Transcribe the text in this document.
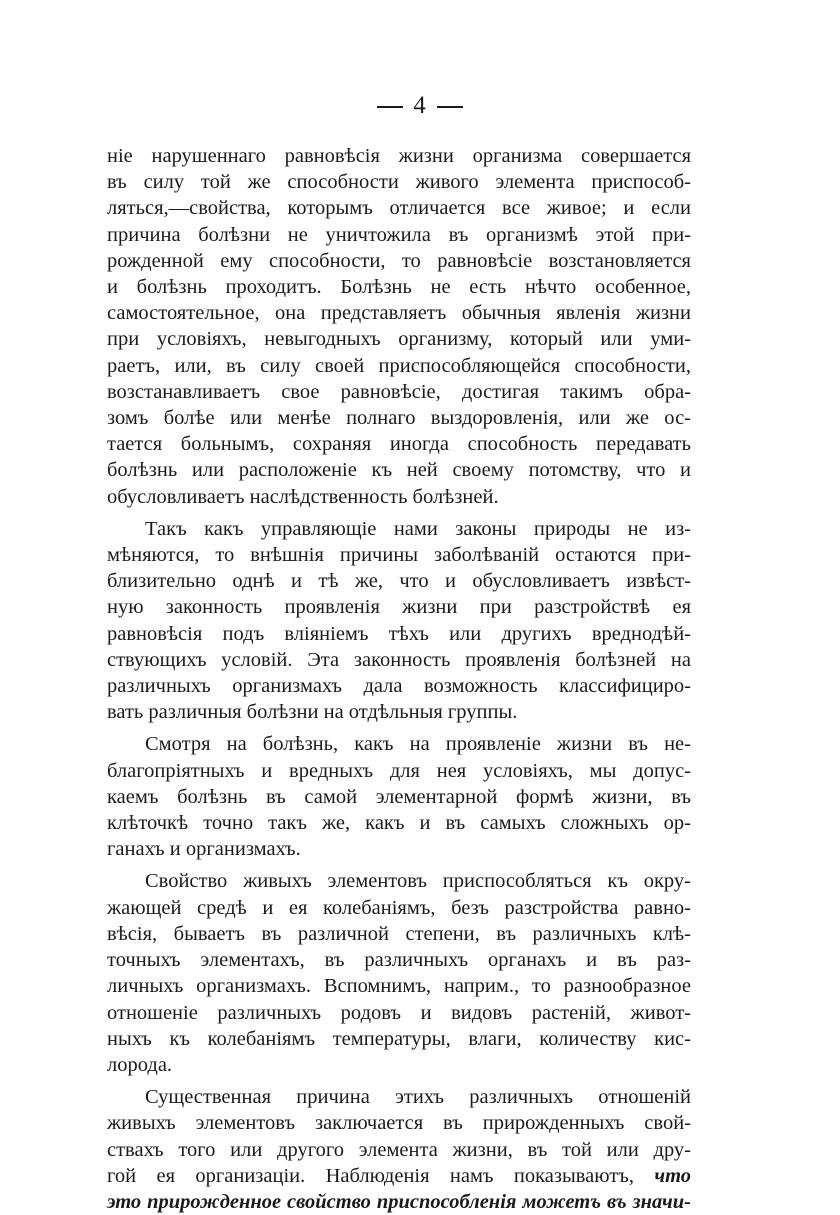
4

ніе нарушеннаго равновѣсія жизни организма совершается
въ силу той же способности живого элемента приспособ-
ляться,—свойства, которымъ отличается все живое; и если
причина болѣзни не уничтожила въ организмѣ этой при-
рожденной ему способности, то равновѣсіе возстановляется
и болѣзнь проходитъ. Болѣзнь не есть нѣчто особенное,
самостоятельное, она представляетъ обычныя явленія жизни
при условіяхъ, невыгодныхъ организму, который или уми-
раетъ, или, въ силу своей приспособляющейся способности,
возстанавливаетъ свое равновѣсіе, достигая такимъ обра-
зомъ болѣе или менѣе полнаго выздоровленія, или же ос-
тается больнымъ, сохраняя иногда способность передавать
болѣзнь или расположеніе къ ней своему потомству, что и
обусловливаетъ наслѣдственность болѣзней.

Такъ какъ управляющіе нами законы природы не из-
мѣняются, то внѣшнія причины заболѣваній остаются при-
близительно однѣ и тѣ же, что и обусловливаетъ извѣст-
ную законность проявленія жизни при разстройствѣ ея
равновѣсія подъ вліяніемъ тѣхъ или другихъ вреднодѣй-
ствующихъ условій. Эта законность проявленія болѣзней на
различныхъ организмахъ дала возможность классифициро-
вать различныя болѣзни на отдѣльныя группы.

Смотря на болѣзнь, какъ на проявленіе жизни въ не-
благопріятныхъ и вредныхъ для нея условіяхъ, мы допус-
каемъ болѣзнь въ самой элементарной формѣ жизни, въ
клѣточкѣ точно такъ же, какъ и въ самыхъ сложныхъ ор-
ганахъ и организмахъ.

Свойство живыхъ элементовъ приспособляться къ окру-
жающей средѣ и ея колебаніямъ, безъ разстройства равно-
вѣсія, бываетъ въ различной степени, въ различныхъ клѣ-
точныхъ элементахъ, въ различныхъ органахъ и въ раз-
личныхъ организмахъ. Вспомнимъ, наприм., то разнообразное
отношеніе различныхъ родовъ и видовъ растеній, живот-
ныхъ къ колебаніямъ температуры, влаги, количеству кис-
лорода.

Существенная причина этихъ различныхъ отношеній
живыхъ элементовъ заключается въ прирожденныхъ свой-
ствахъ того или другого элемента жизни, въ той или дру-
гой ея организаціи. Наблюденія намъ показываютъ, что
это прирожденное свойство приспособленія можетъ въ значи-
